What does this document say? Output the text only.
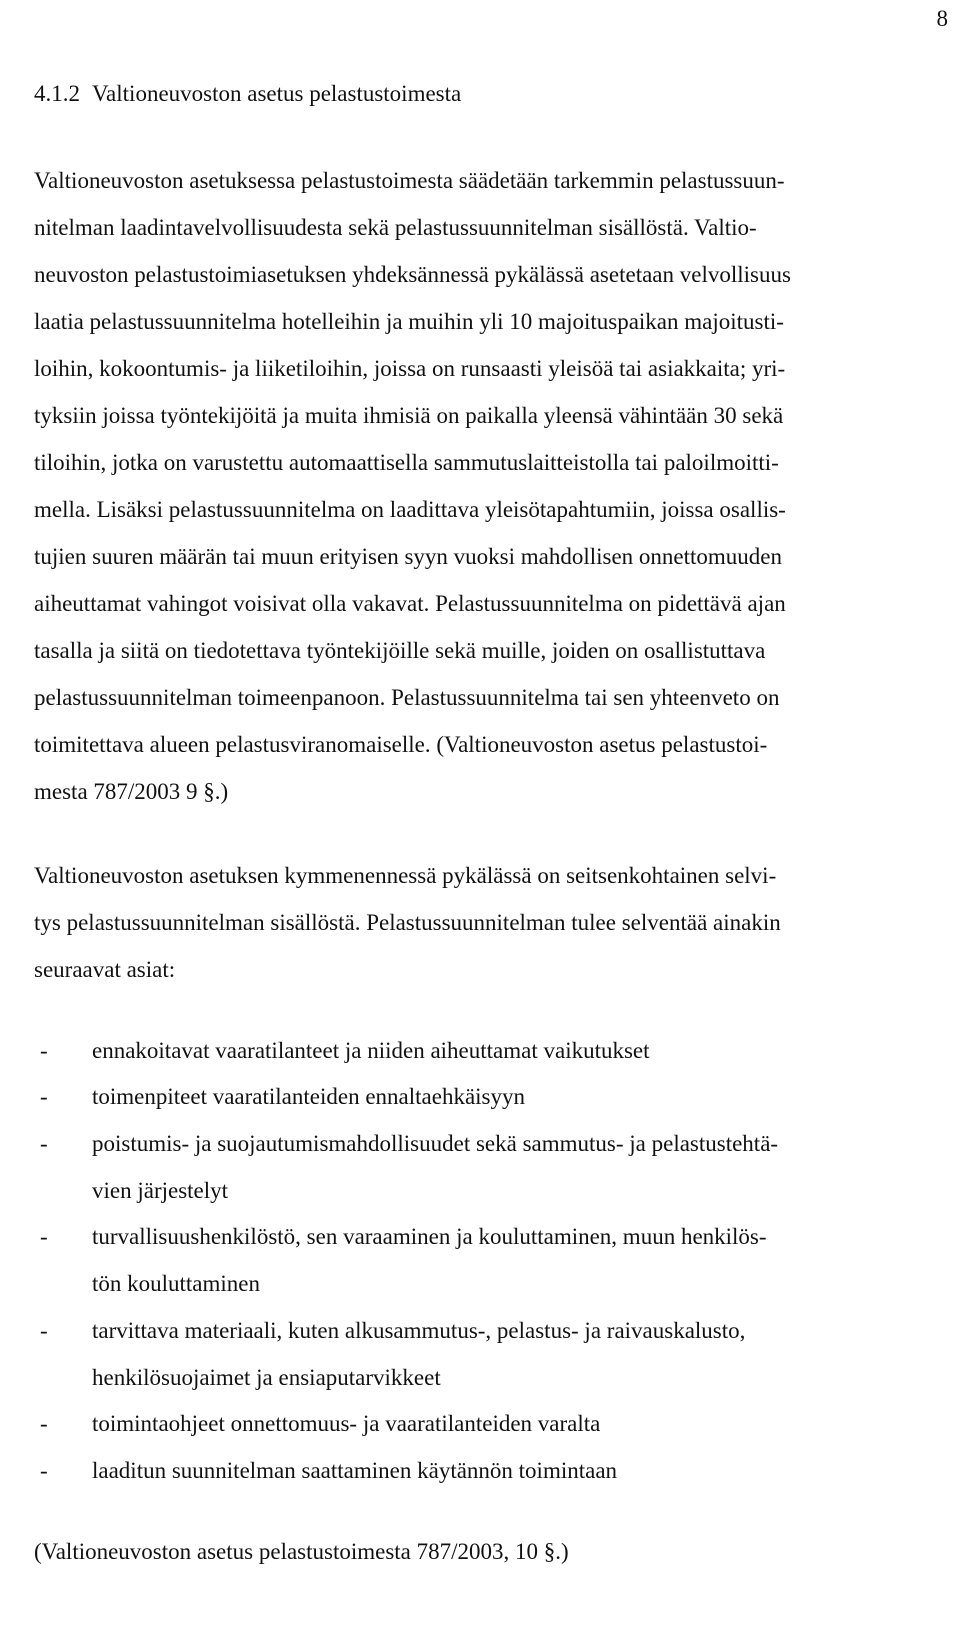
8
4.1.2 Valtioneuvoston asetus pelastustoimesta
Valtioneuvoston asetuksessa pelastustoimesta säädetään tarkemmin pelastussuun-
nitelman laadintavelvollisuudesta sekä pelastussuunnitelman sisällöstä. Valtio-
neuvoston pelastustoimiasetuksen yhdeksännessä pykälässä asetetaan velvollisuus
laatia pelastussuunnitelma hotelleihin ja muihin yli 10 majoituspaikan majoitusti-
loihin, kokoontumis- ja liiketiloihin, joissa on runsaasti yleisöä tai asiakkaita; yri-
tyksiin joissa työntekijöitä ja muita ihmisiä on paikalla yleensä vähintään 30 sekä
tiloihin, jotka on varustettu automaattisella sammutuslaitteistolla tai paloilmoitti-
mella. Lisäksi pelastussuunnitelma on laadittava yleisötapahtumiin, joissa osallis-
tujien suuren määrän tai muun erityisen syyn vuoksi mahdollisen onnettomuuden
aiheuttamat vahingot voisivat olla vakavat. Pelastussuunnitelma on pidettävä ajan
tasalla ja siitä on tiedotettava työntekijöille sekä muille, joiden on osallistuttava
pelastussuunnitelman toimeenpanoon. Pelastussuunnitelma tai sen yhteenveto on
toimitettava alueen pelastusviranomaiselle. (Valtioneuvoston asetus pelastustoi-
mesta 787/2003 9 §.)
Valtioneuvoston asetuksen kymmenennessä pykälässä on seitsenkohtainen selvi-
tys pelastussuunnitelman sisällöstä. Pelastussuunnitelman tulee selventää ainakin
seuraavat asiat:
- ennakoitavat vaaratilanteet ja niiden aiheuttamat vaikutukset
- toimenpiteet vaaratilanteiden ennaltaehkäisyyn
- poistumis- ja suojautumismahdollisuudet sekä sammutus- ja pelastustehtä-
vien järjestelyt
- turvallisuushenkilöstö, sen varaaminen ja kouluttaminen, muun henkilös-
tön kouluttaminen
- tarvittava materiaali, kuten alkusammutus-, pelastus- ja raivauskalusto,
henkilösuojaimet ja ensiaputarvikkeet
- toimintaohjeet onnettomuus- ja vaaratilanteiden varalta
- laaditun suunnitelman saattaminen käytännön toimintaan
(Valtioneuvoston asetus pelastustoimesta 787/2003, 10 §.)
